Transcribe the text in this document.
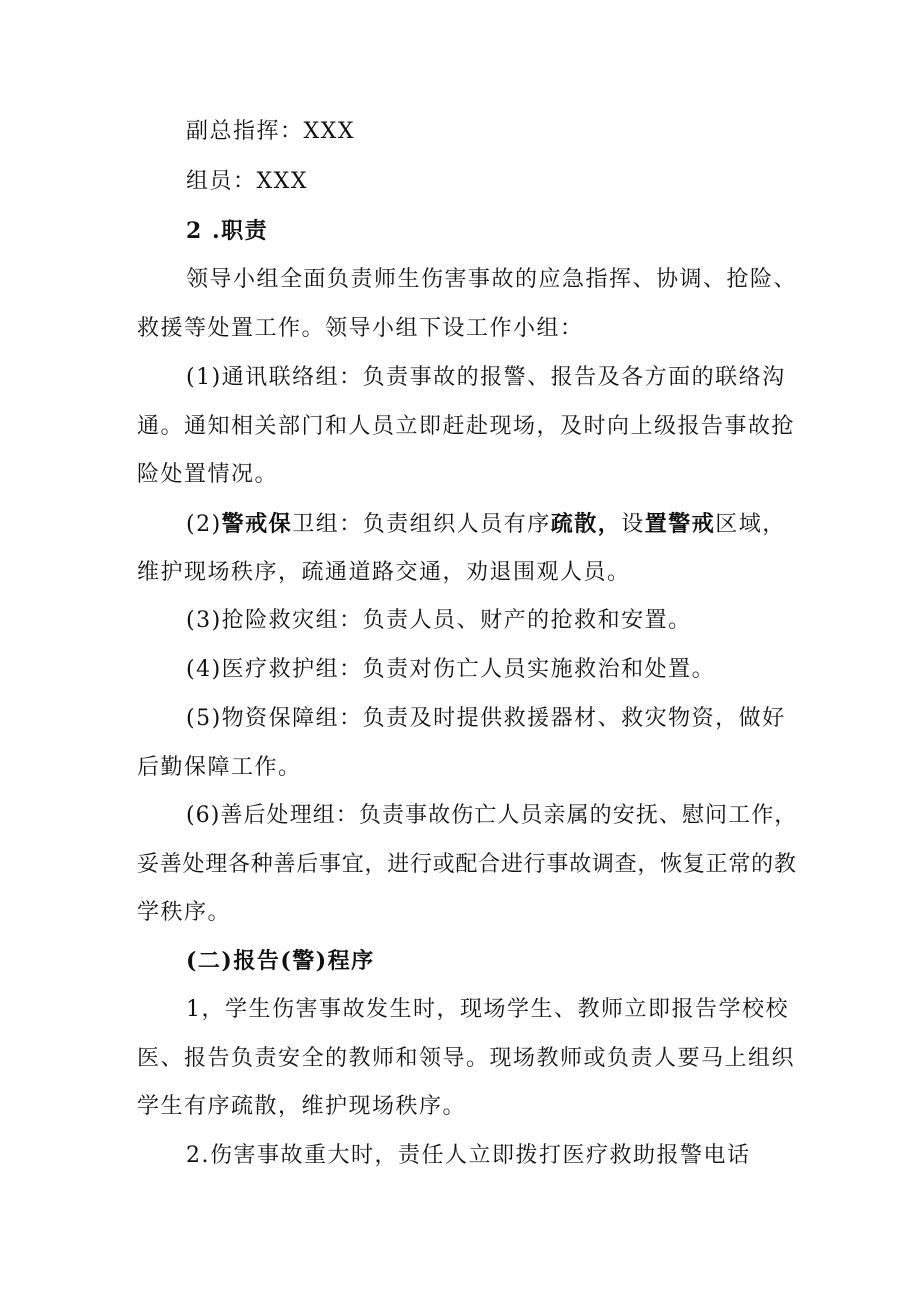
副总指挥：XXX
组员：XXX
2 .职责
领导小组全面负责师生伤害事故的应急指挥、协调、抢险、
救援等处置工作。领导小组下设工作小组：
(1)通讯联络组：负责事故的报警、报告及各方面的联络沟
通。通知相关部门和人员立即赶赴现场，及时向上级报告事故抢
险处置情况。
(2)警戒保卫组：负责组织人员有序疏散，设置警戒区域，
维护现场秩序，疏通道路交通，劝退围观人员。
(3)抢险救灾组：负责人员、财产的抢救和安置。
(4)医疗救护组：负责对伤亡人员实施救治和处置。
(5)物资保障组：负责及时提供救援器材、救灾物资，做好
后勤保障工作。
(6)善后处理组：负责事故伤亡人员亲属的安抚、慰问工作，
妥善处理各种善后事宜，进行或配合进行事故调查，恢复正常的教
学秩序。
(二)报告(警)程序
1，学生伤害事故发生时，现场学生、教师立即报告学校校
医、报告负责安全的教师和领导。现场教师或负责人要马上组织
学生有序疏散，维护现场秩序。
2.伤害事故重大时，责任人立即拨打医疗救助报警电话
